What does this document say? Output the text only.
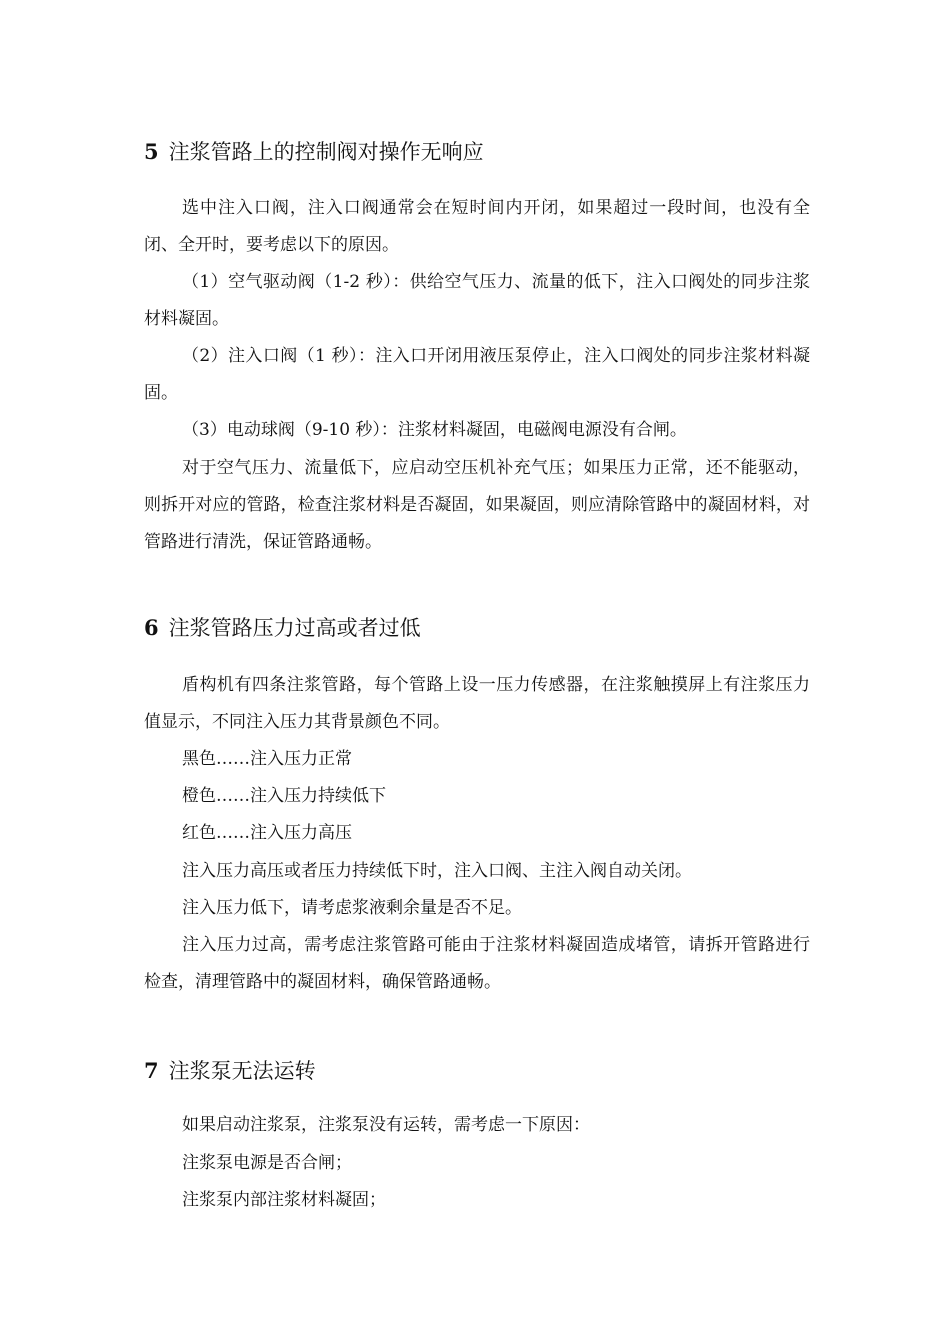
5 注浆管路上的控制阀对操作无响应

选中注入口阀，注入口阀通常会在短时间内开闭，如果超过一段时间，也没有全闭、全开时，要考虑以下的原因。

（1）空气驱动阀（1-2 秒）：供给空气压力、流量的低下，注入口阀处的同步注浆材料凝固。

（2）注入口阀（1 秒）：注入口开闭用液压泵停止，注入口阀处的同步注浆材料凝固。

（3）电动球阀（9-10 秒）：注浆材料凝固，电磁阀电源没有合闸。

对于空气压力、流量低下，应启动空压机补充气压；如果压力正常，还不能驱动，则拆开对应的管路，检查注浆材料是否凝固，如果凝固，则应清除管路中的凝固材料，对管路进行清洗，保证管路通畅。

6 注浆管路压力过高或者过低

盾构机有四条注浆管路，每个管路上设一压力传感器，在注浆触摸屏上有注浆压力值显示，不同注入压力其背景颜色不同。

黑色……注入压力正常

橙色……注入压力持续低下

红色……注入压力高压

注入压力高压或者压力持续低下时，注入口阀、主注入阀自动关闭。

注入压力低下，请考虑浆液剩余量是否不足。

注入压力过高，需考虑注浆管路可能由于注浆材料凝固造成堵管，请拆开管路进行检查，清理管路中的凝固材料，确保管路通畅。

7 注浆泵无法运转

如果启动注浆泵，注浆泵没有运转，需考虑一下原因：

注浆泵电源是否合闸；

注浆泵内部注浆材料凝固；
